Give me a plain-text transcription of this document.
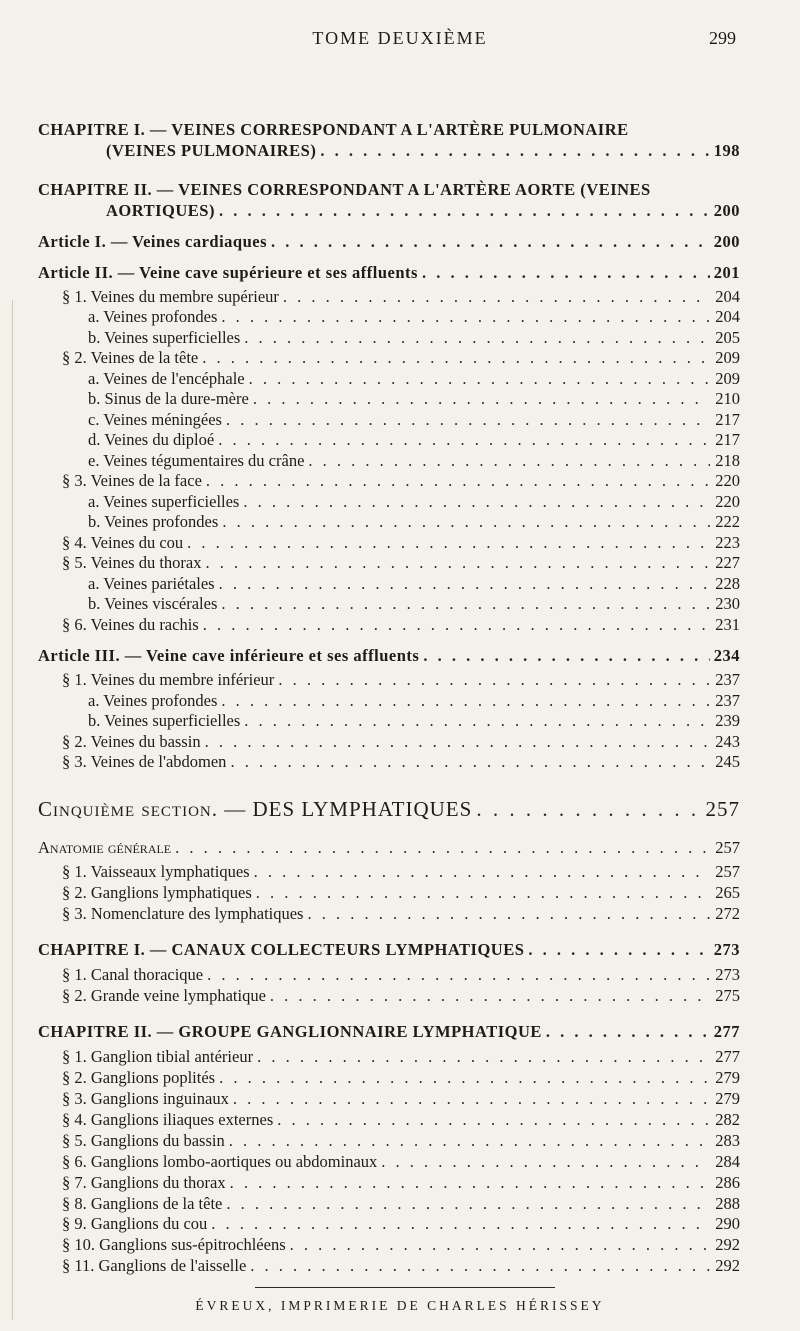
TOME DEUXIÈME	299
CHAPITRE I. — VEINES CORRESPONDANT A L'ARTÈRE PULMONAIRE
(VEINES PULMONAIRES) . . .	198
CHAPITRE II. — VEINES CORRESPONDANT A L'ARTÈRE AORTE (VEINES
AORTIQUES) . . .	200
Article I. — Veines cardiaques . . .	200
Article II. — Veine cave supérieure et ses affluents . . .	201
§ 1. Veines du membre supérieur . . .	204
a. Veines profondes . . .	204
b. Veines superficielles . . .	205
§ 2. Veines de la tête . . .	209
a. Veines de l'encéphale . . .	209
b. Sinus de la dure-mère . . .	210
c. Veines méningées . . .	217
d. Veines du diploé . . .	217
e. Veines tégumentaires du crâne . . .	218
§ 3. Veines de la face . . .	220
a. Veines superficielles . . .	220
b. Veines profondes . . .	222
§ 4. Veines du cou . . .	223
§ 5. Veines du thorax . . .	227
a. Veines pariétales . . .	228
b. Veines viscérales . . .	230
§ 6. Veines du rachis . . .	231
Article III. — Veine cave inférieure et ses affluents . . .	234
§ 1. Veines du membre inférieur . . .	237
a. Veines profondes . . .	237
b. Veines superficielles . . .	239
§ 2. Veines du bassin . . .	243
§ 3. Veines de l'abdomen . . .	245
Cinquième section. — DES LYMPHATIQUES . . .	257
Anatomie générale . . .	257
§ 1. Vaisseaux lymphatiques . . .	257
§ 2. Ganglions lymphatiques . . .	265
§ 3. Nomenclature des lymphatiques . . .	272
CHAPITRE I. — CANAUX COLLECTEURS LYMPHATIQUES . . .	273
§ 1. Canal thoracique . . .	273
§ 2. Grande veine lymphatique . . .	275
CHAPITRE II. — GROUPE GANGLIONNAIRE LYMPHATIQUE . . .	277
§ 1. Ganglion tibial antérieur . . .	277
§ 2. Ganglions poplités . . .	279
§ 3. Ganglions inguinaux . . .	279
§ 4. Ganglions iliaques externes . . .	282
§ 5. Ganglions du bassin . . .	283
§ 6. Ganglions lombo-aortiques ou abdominaux . . .	284
§ 7. Ganglions du thorax . . .	286
§ 8. Ganglions de la tête . . .	288
§ 9. Ganglions du cou . . .	290
§ 10. Ganglions sus-épitrochléens . . .	292
§ 11. Ganglions de l'aisselle . . .	292
ÉVREUX, IMPRIMERIE DE CHARLES HÉRISSEY
